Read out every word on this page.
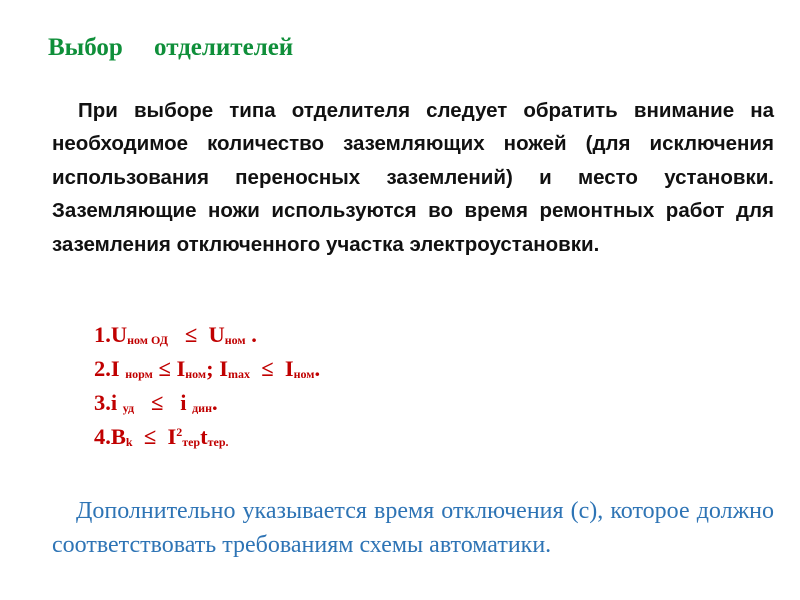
Выбор     отделителей

При выборе типа отделителя следует обратить внимание на необходимое количество заземляющих ножей (для исключения использования переносных заземлений) и место установки. Заземляющие ножи используются во время ремонтных работ для заземления отключенного участка электроустановки.

$1.U_{ном ОД} \le U_{ном}$ .
2.I $_{норм} \le I_{ном}$; $I_{max} \le I_{ном}$.
3.i $_{уд}$ ≤ i $_{дин}$.
$4.B_k \le I^2_{тер}t_{тер.}$

Дополнительно указывается время отключения (с), которое должно соответствовать требованиям схемы автоматики.
